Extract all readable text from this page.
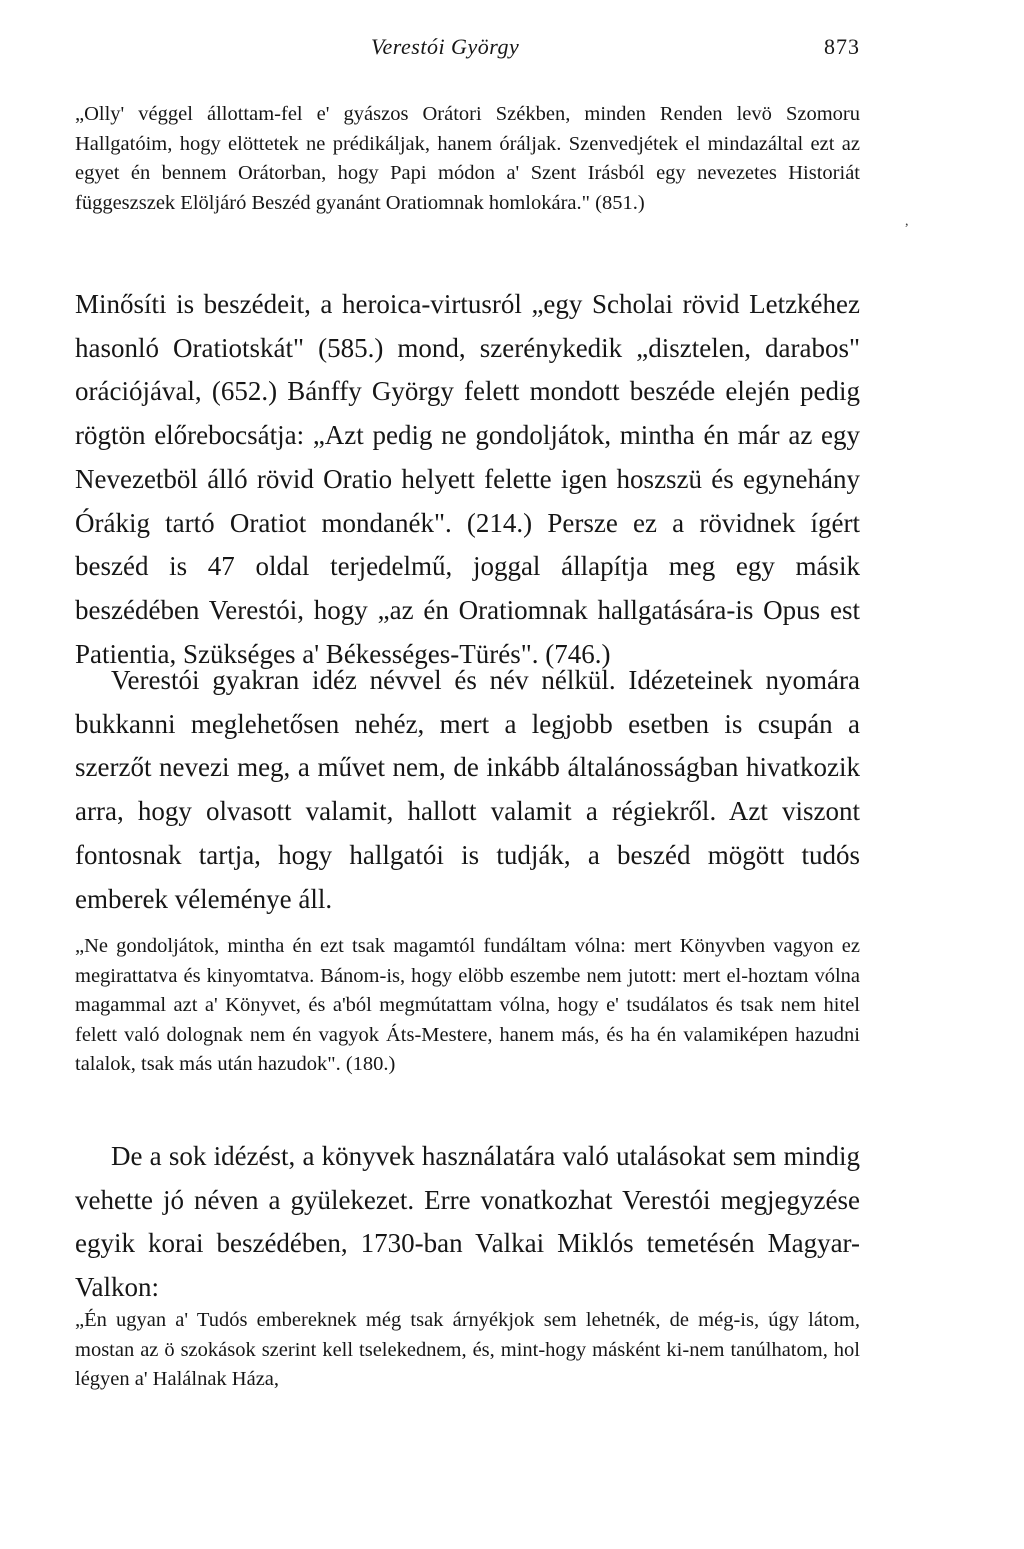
Verestói György	873

„Olly' véggel állottam-fel e' gyászos Orátori Székben, minden Renden levö Szomoru Hallgatóim, hogy elöttetek ne prédikáljak, hanem óráljak. Szenvedjétek el mindazáltal ezt az egyet én bennem Orátorban, hogy Papi módon a' Szent Irásból egy nevezetes Historiát függeszszek Elöljáró Beszéd gyanánt Oratiomnak homlokára." (851.)

Minősíti is beszédeit, a heroica-virtusról „egy Scholai rövid Letzkéhez hasonló Oratiotskát" (585.) mond, szerénykedik „disztelen, darabos" orációjával, (652.) Bánffy György felett mondott beszéde elején pedig rögtön előrebocsátja: „Azt pedig ne gondoljátok, mintha én már az egy Nevezetböl álló rövid Oratio helyett felette igen hoszszü és egynehány Órákig tartó Oratiot mondanék". (214.) Persze ez a rövidnek ígért beszéd is 47 oldal terjedelmű, joggal állapítja meg egy másik beszédében Verestói, hogy „az én Oratiomnak hallgatására-is Opus est Patientia, Szükséges a' Békességes-Türés". (746.)

Verestói gyakran idéz névvel és név nélkül. Idézeteinek nyomára bukkanni meglehetősen nehéz, mert a legjobb esetben is csupán a szerzőt nevezi meg, a művet nem, de inkább általánosságban hivatkozik arra, hogy olvasott valamit, hallott valamit a régiekről. Azt viszont fontosnak tartja, hogy hallgatói is tudják, a beszéd mögött tudós emberek véleménye áll.

„Ne gondoljátok, mintha én ezt tsak magamtól fundáltam vólna: mert Könyvben vagyon ez megirattatva és kinyomtatva. Bánom-is, hogy elöbb eszembe nem jutott: mert el-hoztam vólna magammal azt a' Könyvet, és a'ból megmútattam vólna, hogy e' tsudálatos és tsak nem hitel felett való dolognak nem én vagyok Áts-Mestere, hanem más, és ha én valamiképen hazudni talalok, tsak más után hazudok". (180.)

De a sok idézést, a könyvek használatára való utalásokat sem mindig vehette jó néven a gyülekezet. Erre vonatkozhat Verestói megjegyzése egyik korai beszédében, 1730-ban Valkai Miklós temetésén Magyar-Valkon:

„Én ugyan a' Tudós embereknek még tsak árnyékjok sem lehetnék, de még-is, úgy látom, mostan az ö szokások szerint kell tselekednem, és, mint-hogy másként ki-nem tanúlhatom, hol légyen a' Halálnak Háza,

,
